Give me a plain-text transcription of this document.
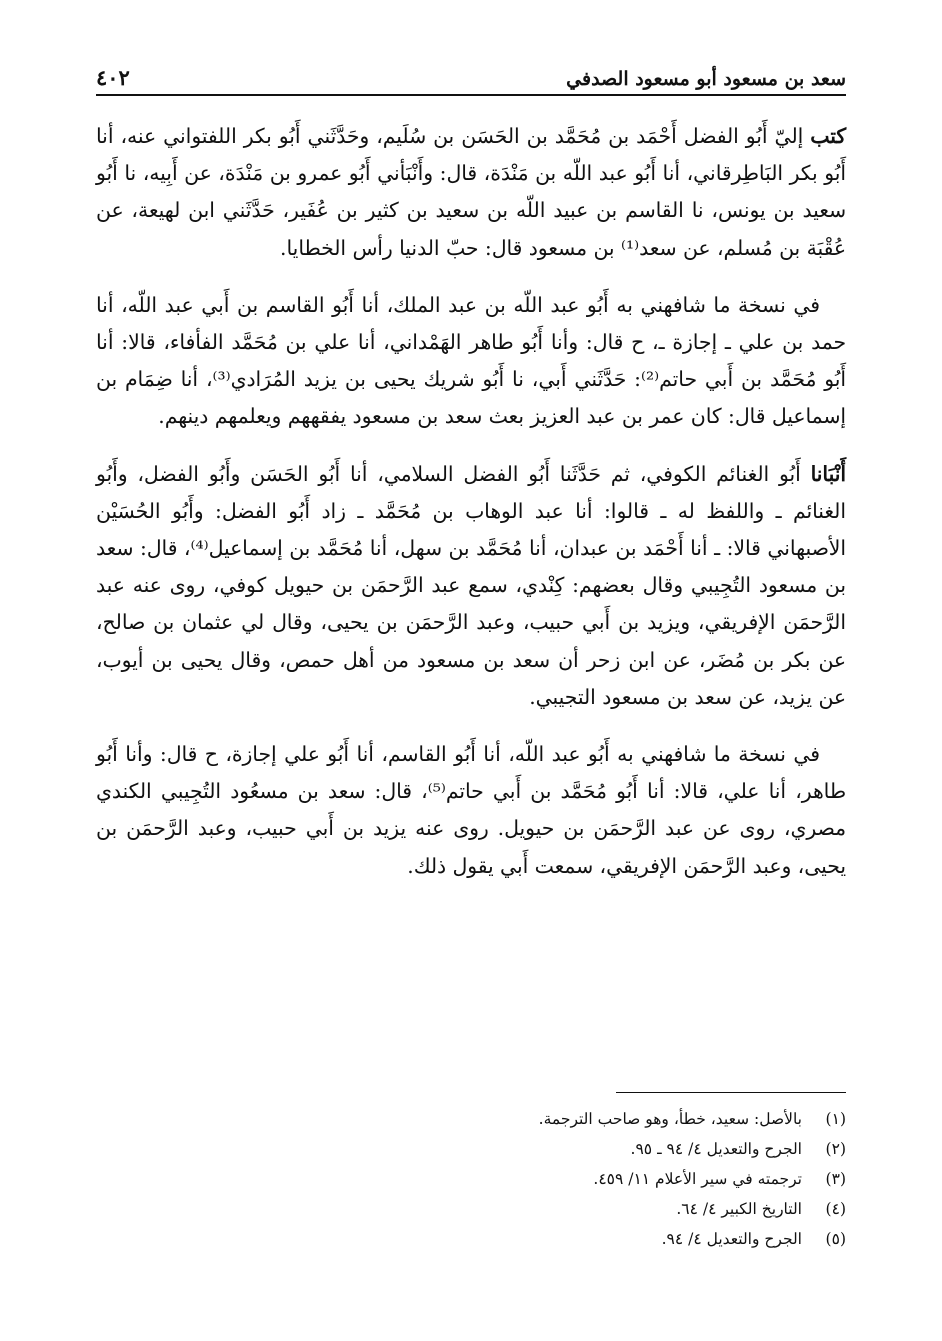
سعد بن مسعود أبو مسعود الصدفي
٤٠٢

كتب إليّ أَبُو الفضل أَحْمَد بن مُحَمَّد بن الحَسَن بن سُلَيم، وحَدَّثَني أَبُو بكر اللفتواني عنه، أنا أَبُو بكر البَاطِرقاني، أنا أَبُو عبد اللّه بن مَنْدَة، قال: وأَنْبَأني أَبُو عمرو بن مَنْدَة، عن أَبِيه، نا أَبُو سعيد بن يونس، نا القاسم بن عبيد اللّه بن سعيد بن كثير بن عُفَير، حَدَّثَني ابن لهيعة، عن عُقْبَة بن مُسلم، عن سعد⁽¹⁾ بن مسعود قال: حبّ الدنيا رأس الخطايا.

في نسخة ما شافهني به أَبُو عبد اللّه بن عبد الملك، أنا أَبُو القاسم بن أَبي عبد اللّه، أنا حمد بن علي ـ إجازة ـ، ح قال: وأنا أَبُو طاهر الهَمْداني، أنا علي بن مُحَمَّد الفأفاء، قالا: أنا أَبُو مُحَمَّد بن أَبي حاتم⁽²⁾: حَدَّثَني أَبي، نا أَبُو شريك يحيى بن يزيد المُرَادي⁽³⁾، أنا ضِمَام بن إسماعيل قال: كان عمر بن عبد العزيز بعث سعد بن مسعود يفقههم ويعلمهم دينهم.

أَنْبَانا أَبُو الغنائم الكوفي، ثم حَدَّثَنا أَبُو الفضل السلامي، أنا أَبُو الحَسَن وأَبُو الفضل، وأَبُو الغنائم ـ واللفظ له ـ قالوا: أنا عبد الوهاب بن مُحَمَّد ـ زاد أَبُو الفضل: وأَبُو الحُسَيْن الأصبهاني قالا: ـ أنا أَحْمَد بن عبدان، أنا مُحَمَّد بن سهل، أنا مُحَمَّد بن إسماعيل⁽⁴⁾، قال: سعد بن مسعود التُجِيبي وقال بعضهم: كِنْدي، سمع عبد الرَّحمَن بن حيويل كوفي، روى عنه عبد الرَّحمَن الإفريقي، ويزيد بن أَبي حبيب، وعبد الرَّحمَن بن يحيى، وقال لي عثمان بن صالح، عن بكر بن مُضَر، عن ابن زحر أن سعد بن مسعود من أهل حمص، وقال يحيى بن أيوب، عن يزيد، عن سعد بن مسعود التجيبي.

في نسخة ما شافهني به أَبُو عبد اللّه، أنا أَبُو القاسم، أنا أَبُو علي إجازة، ح قال: وأنا أَبُو طاهر، أنا علي، قالا: أنا أَبُو مُحَمَّد بن أَبي حاتم⁽⁵⁾، قال: سعد بن مسعُود التُجِيبي الكندي مصري، روى عن عبد الرَّحمَن بن حيويل. روى عنه يزيد بن أَبي حبيب، وعبد الرَّحمَن بن يحيى، وعبد الرَّحمَن الإفريقي، سمعت أَبي يقول ذلك.

(١)
بالأصل: سعيد، خطأ، وهو صاحب الترجمة.
(٢)
الجرح والتعديل ٤/ ٩٤ ـ ٩٥.
(٣)
ترجمته في سير الأعلام ١١/ ٤٥٩.
(٤)
التاريخ الكبير ٤/ ٦٤.
(٥)
الجرح والتعديل ٤/ ٩٤.
